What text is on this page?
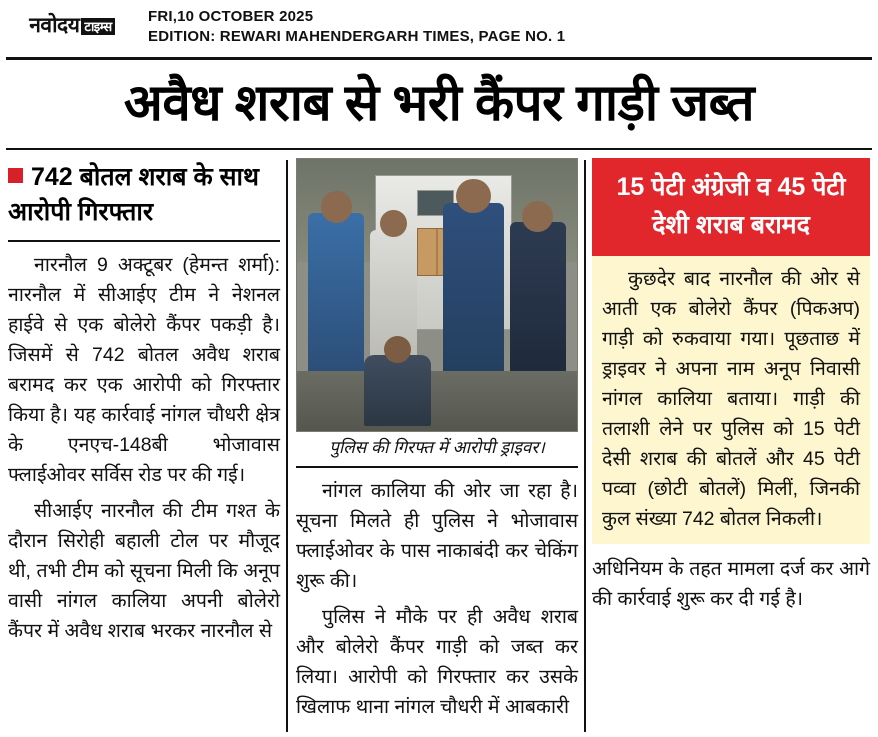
नवोदय टाइम्स
FRI,10 OCTOBER 2025
EDITION: REWARI MAHENDERGARH TIMES, PAGE NO. 1
अवैध शराब से भरी कैंपर गाड़ी जब्त
742 बोतल शराब के साथ आरोपी गिरफ्तार

नारनौल 9 अक्टूबर (हेमन्त शर्मा): नारनौल में सीआईए टीम ने नेशनल हाईवे से एक बोलेरो कैंपर पकड़ी है। जिसमें से 742 बोतल अवैध शराब बरामद कर एक आरोपी को गिरफ्तार किया है। यह कार्रवाई नांगल चौधरी क्षेत्र के एनएच-148बी भोजावास फ्लाईओवर सर्विस रोड पर की गई।

सीआईए नारनौल की टीम गश्त के दौरान सिरोही बहाली टोल पर मौजूद थी, तभी टीम को सूचना मिली कि अनूप वासी नांगल कालिया अपनी बोलेरो कैंपर में अवैध शराब भरकर नारनौल से

पुलिस की गिरफ्त में आरोपी ड्राइवर।

नांगल कालिया की ओर जा रहा है। सूचना मिलते ही पुलिस ने भोजावास फ्लाईओवर के पास नाकाबंदी कर चेकिंग शुरू की।

पुलिस ने मौके पर ही अवैध शराब और बोलेरो कैंपर गाड़ी को जब्त कर लिया। आरोपी को गिरफ्तार कर उसके खिलाफ थाना नांगल चौधरी में आबकारी

15 पेटी अंग्रेजी व 45 पेटी देशी शराब बरामद

कुछदेर बाद नारनौल की ओर से आती एक बोलेरो कैंपर (पिकअप) गाड़ी को रुकवाया गया। पूछताछ में ड्राइवर ने अपना नाम अनूप निवासी नांगल कालिया बताया। गाड़ी की तलाशी लेने पर पुलिस को 15 पेटी देसी शराब की बोतलें और 45 पेटी पव्वा (छोटी बोतलें) मिलीं, जिनकी कुल संख्या 742 बोतल निकली।

अधिनियम के तहत मामला दर्ज कर आगे की कार्रवाई शुरू कर दी गई है।
